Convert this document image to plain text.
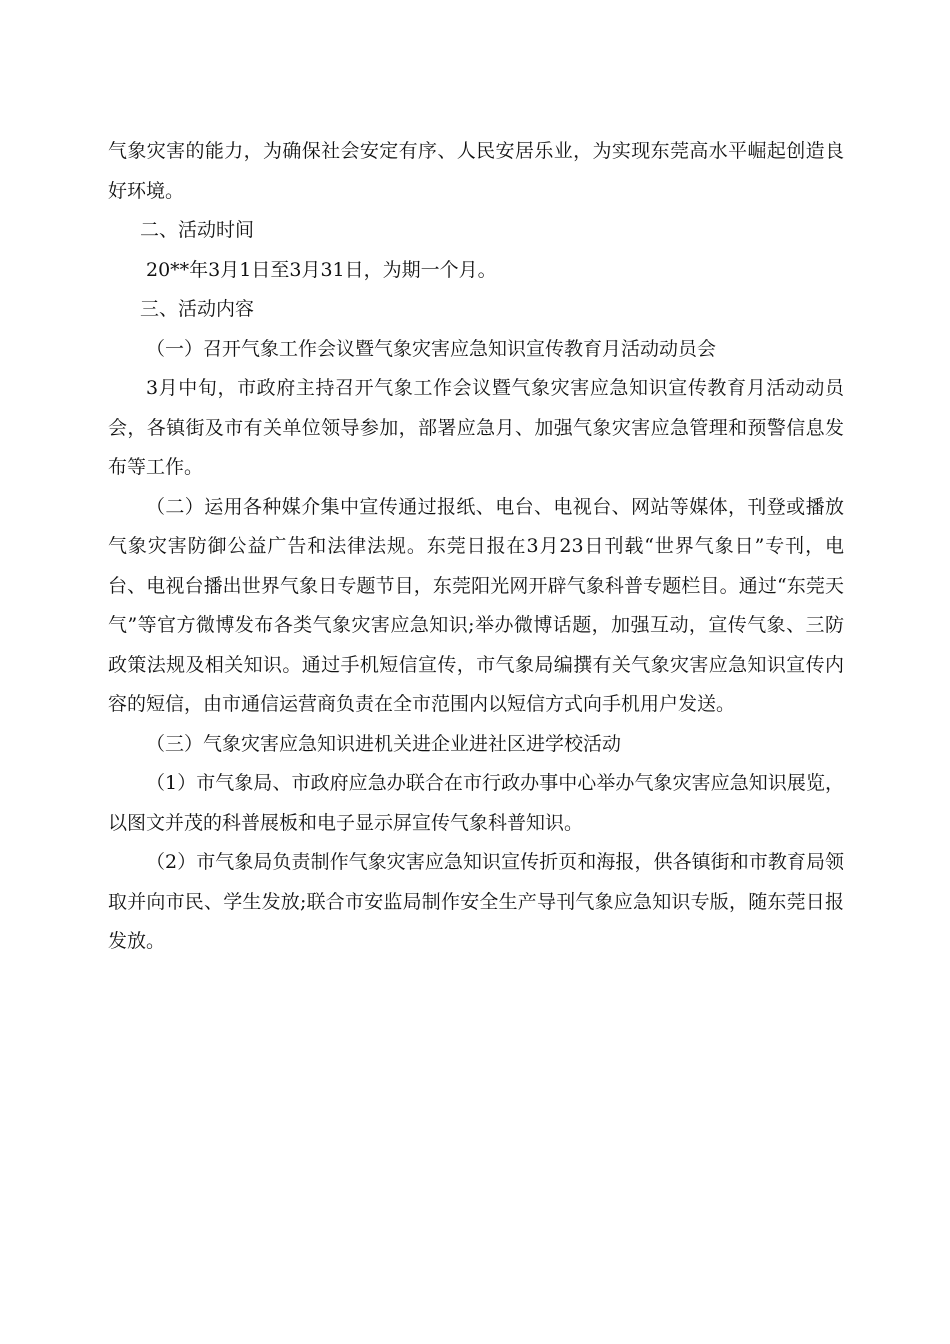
气象灾害的能力，为确保社会安定有序、人民安居乐业，为实现东莞高水平崛起创造良好环境。

二、活动时间

20**年3月1日至3月31日，为期一个月。

三、活动内容

（一）召开气象工作会议暨气象灾害应急知识宣传教育月活动动员会

3月中旬，市政府主持召开气象工作会议暨气象灾害应急知识宣传教育月活动动员会，各镇街及市有关单位领导参加，部署应急月、加强气象灾害应急管理和预警信息发布等工作。

（二）运用各种媒介集中宣传通过报纸、电台、电视台、网站等媒体，刊登或播放气象灾害防御公益广告和法律法规。东莞日报在3月23日刊载“世界气象日”专刊，电台、电视台播出世界气象日专题节目，东莞阳光网开辟气象科普专题栏目。通过“东莞天气”等官方微博发布各类气象灾害应急知识;举办微博话题，加强互动，宣传气象、三防政策法规及相关知识。通过手机短信宣传，市气象局编撰有关气象灾害应急知识宣传内容的短信，由市通信运营商负责在全市范围内以短信方式向手机用户发送。

（三）气象灾害应急知识进机关进企业进社区进学校活动

（1）市气象局、市政府应急办联合在市行政办事中心举办气象灾害应急知识展览，以图文并茂的科普展板和电子显示屏宣传气象科普知识。

（2）市气象局负责制作气象灾害应急知识宣传折页和海报，供各镇街和市教育局领取并向市民、学生发放;联合市安监局制作安全生产导刊气象应急知识专版，随东莞日报发放。
